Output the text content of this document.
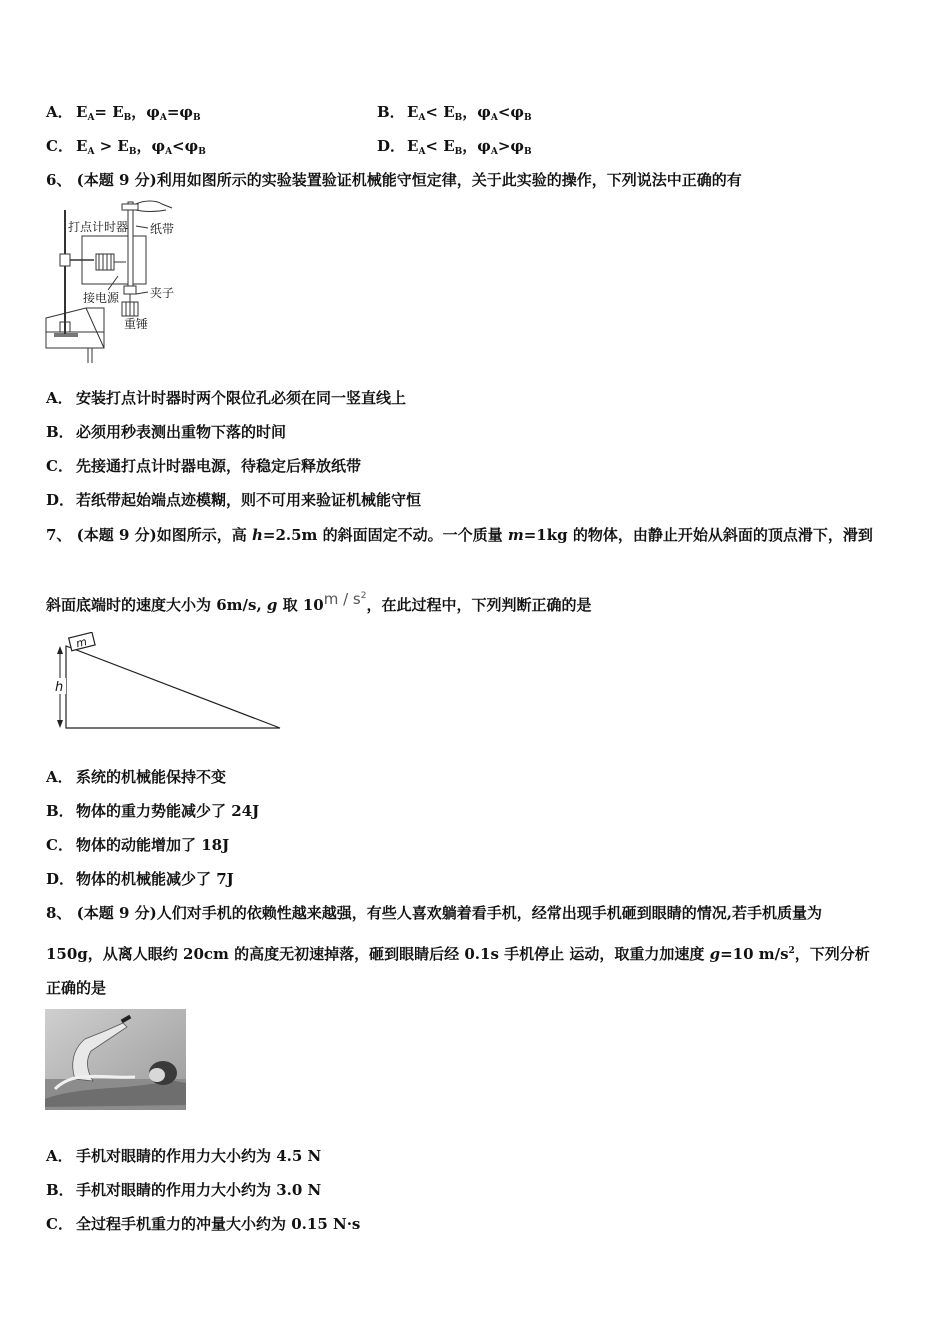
A． $E_A= E_B$，$\varphi_A=\varphi_B$	B． $E_A< E_B$，$\varphi_A<\varphi_B$
C． $E_A > E_B$，$\varphi_A<\varphi_B$	D． $E_A< E_B$，$\varphi_A>\varphi_B$
6、 (本题 9 分)利用如图所示的实验装置验证机械能守恒定律，关于此实验的操作，下列说法中正确的有
打点计时器 纸带
接电源	夹子
重锤
A． 安装打点计时器时两个限位孔必须在同一竖直线上
B． 必须用秒表测出重物下落的时间
C． 先接通打点计时器电源，待稳定后释放纸带
D． 若纸带起始端点迹模糊，则不可用来验证机械能守恒
7、 (本题 9 分)如图所示，高 h=2.5m 的斜面固定不动。一个质量 m=1kg 的物体，由静止开始从斜面的顶点滑下，滑到
斜面底端时的速度大小为 6m/s, g 取 $10m / s^2$，在此过程中，下列判断正确的是
m
h
A． 系统的机械能保持不变
B． 物体的重力势能减少了 24J
C． 物体的动能增加了 18J
D． 物体的机械能减少了 7J
8、 (本题 9 分)人们对手机的依赖性越来越强，有些人喜欢躺着看手机，经常出现手机砸到眼睛的情况,若手机质量为
150g，从离人眼约 20cm 的高度无初速掉落，砸到眼睛后经 0.1s 手机停止 运动，取重力加速度 g=10 $m/s^2$，下列分析
正确的是
A． 手机对眼睛的作用力大小约为 4.5 N
B． 手机对眼睛的作用力大小约为 3.0 N
C． 全过程手机重力的冲量大小约为 0.15 N·s
